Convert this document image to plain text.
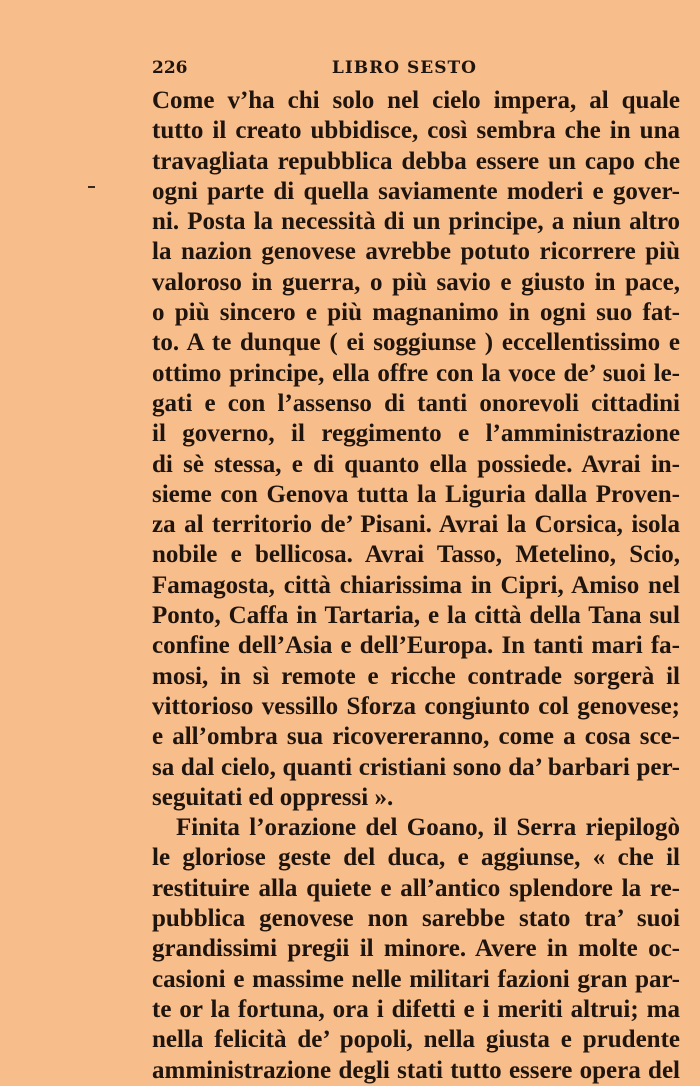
226	LIBRO SESTO
Come v’ha chi solo nel cielo impera, al quale
tutto il creato ubbidisce, così sembra che in una
travagliata repubblica debba essere un capo che
ogni parte di quella saviamente moderi e gover-
ni. Posta la necessità di un principe, a niun altro
la nazion genovese avrebbe potuto ricorrere più
valoroso in guerra, o più savio e giusto in pace,
o più sincero e più magnanimo in ogni suo fat-
to. A te dunque ( ei soggiunse ) eccellentissimo e
ottimo principe, ella offre con la voce de’ suoi le-
gati e con l’assenso di tanti onorevoli cittadini
il governo, il reggimento e l’amministrazione
di sè stessa, e di quanto ella possiede. Avrai in-
sieme con Genova tutta la Liguria dalla Proven-
za al territorio de’ Pisani. Avrai la Corsica, isola
nobile e bellicosa. Avrai Tasso, Metelino, Scio,
Famagosta, città chiarissima in Cipri, Amiso nel
Ponto, Caffa in Tartaria, e la città della Tana sul
confine dell’Asia e dell’Europa. In tanti mari fa-
mosi, in sì remote e ricche contrade sorgerà il
vittorioso vessillo Sforza congiunto col genovese;
e all’ombra sua ricovereranno, come a cosa sce-
sa dal cielo, quanti cristiani sono da’ barbari per-
seguitati ed oppressi ».
Finita l’orazione del Goano, il Serra riepilogò
le gloriose geste del duca, e aggiunse, « che il
restituire alla quiete e all’antico splendore la re-
pubblica genovese non sarebbe stato tra’ suoi
grandissimi pregii il minore. Avere in molte oc-
casioni e massime nelle militari fazioni gran par-
te or la fortuna, ora i difetti e i meriti altrui; ma
nella felicità de’ popoli, nella giusta e prudente
amministrazione degli stati tutto essere opera del
